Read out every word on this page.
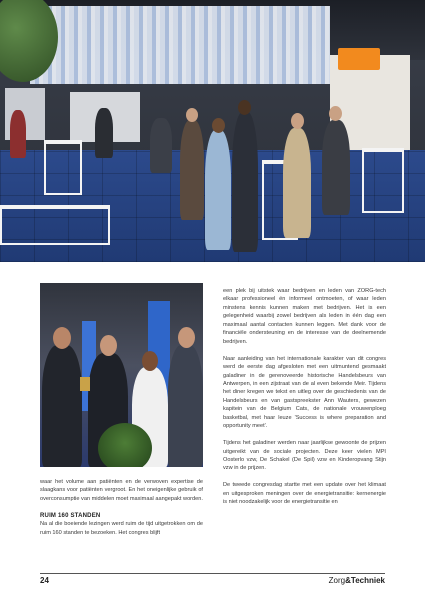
een plek bij uitstek waar bedrijven en leden van ZORG-tech elkaar professioneel én informeel ontmoeten, of waar leden minstens kennis kunnen maken met bedrijven. Het is een gelegenheid waarbij zowel bedrijven als leden in één dag een maximaal aantal contacten kunnen leggen. Met dank voor de financiële ondersteuning en de interesse van de deelnemende bedrijven.

Naar aanleiding van het internationale karakter van dit congres werd de eerste dag afgesloten met een uitmuntend gesmaakt galadiner in de gerenoveerde historische Handelsbeurs van Antwerpen, in een zijstraat van de al even bekende Meir. Tijdens het diner kregen we tekst en uitleg over de geschiedenis van de Handelsbeurs en van gastspreekster Ann Wauters, gewezen kapitein van de Belgium Cats, de nationale vrouwenploeg basketbal, met haar leuze 'Success is where preparation and opportunity meet'.

Tijdens het galadiner werden naar jaarlijkse gewoonte de prijzen uitgereikt van de sociale projecten. Deze keer vielen MPI Oosterlo vzw, De Schakel (De Spil) vzw en Kinderopvang Stijn vzw in de prijzen.

De tweede congresdag startte met een update over het klimaat en uitgesproken meningen over de energietransitie: kernenergie is niet noodzakelijk voor de energietransitie en

waar het volume aan patiënten en de verwoven expertise de slaagkans voor patiënten vergroot. En het oneigenlijke gebruik of overconsumptie van middelen moet maximaal aangepakt worden.

RUIM 160 STANDEN

Na al die boeiende lezingen werd ruim de tijd uitgetrokken om de ruim 160 standen te bezoeken. Het congres blijft

24	Zorg&Techniek
